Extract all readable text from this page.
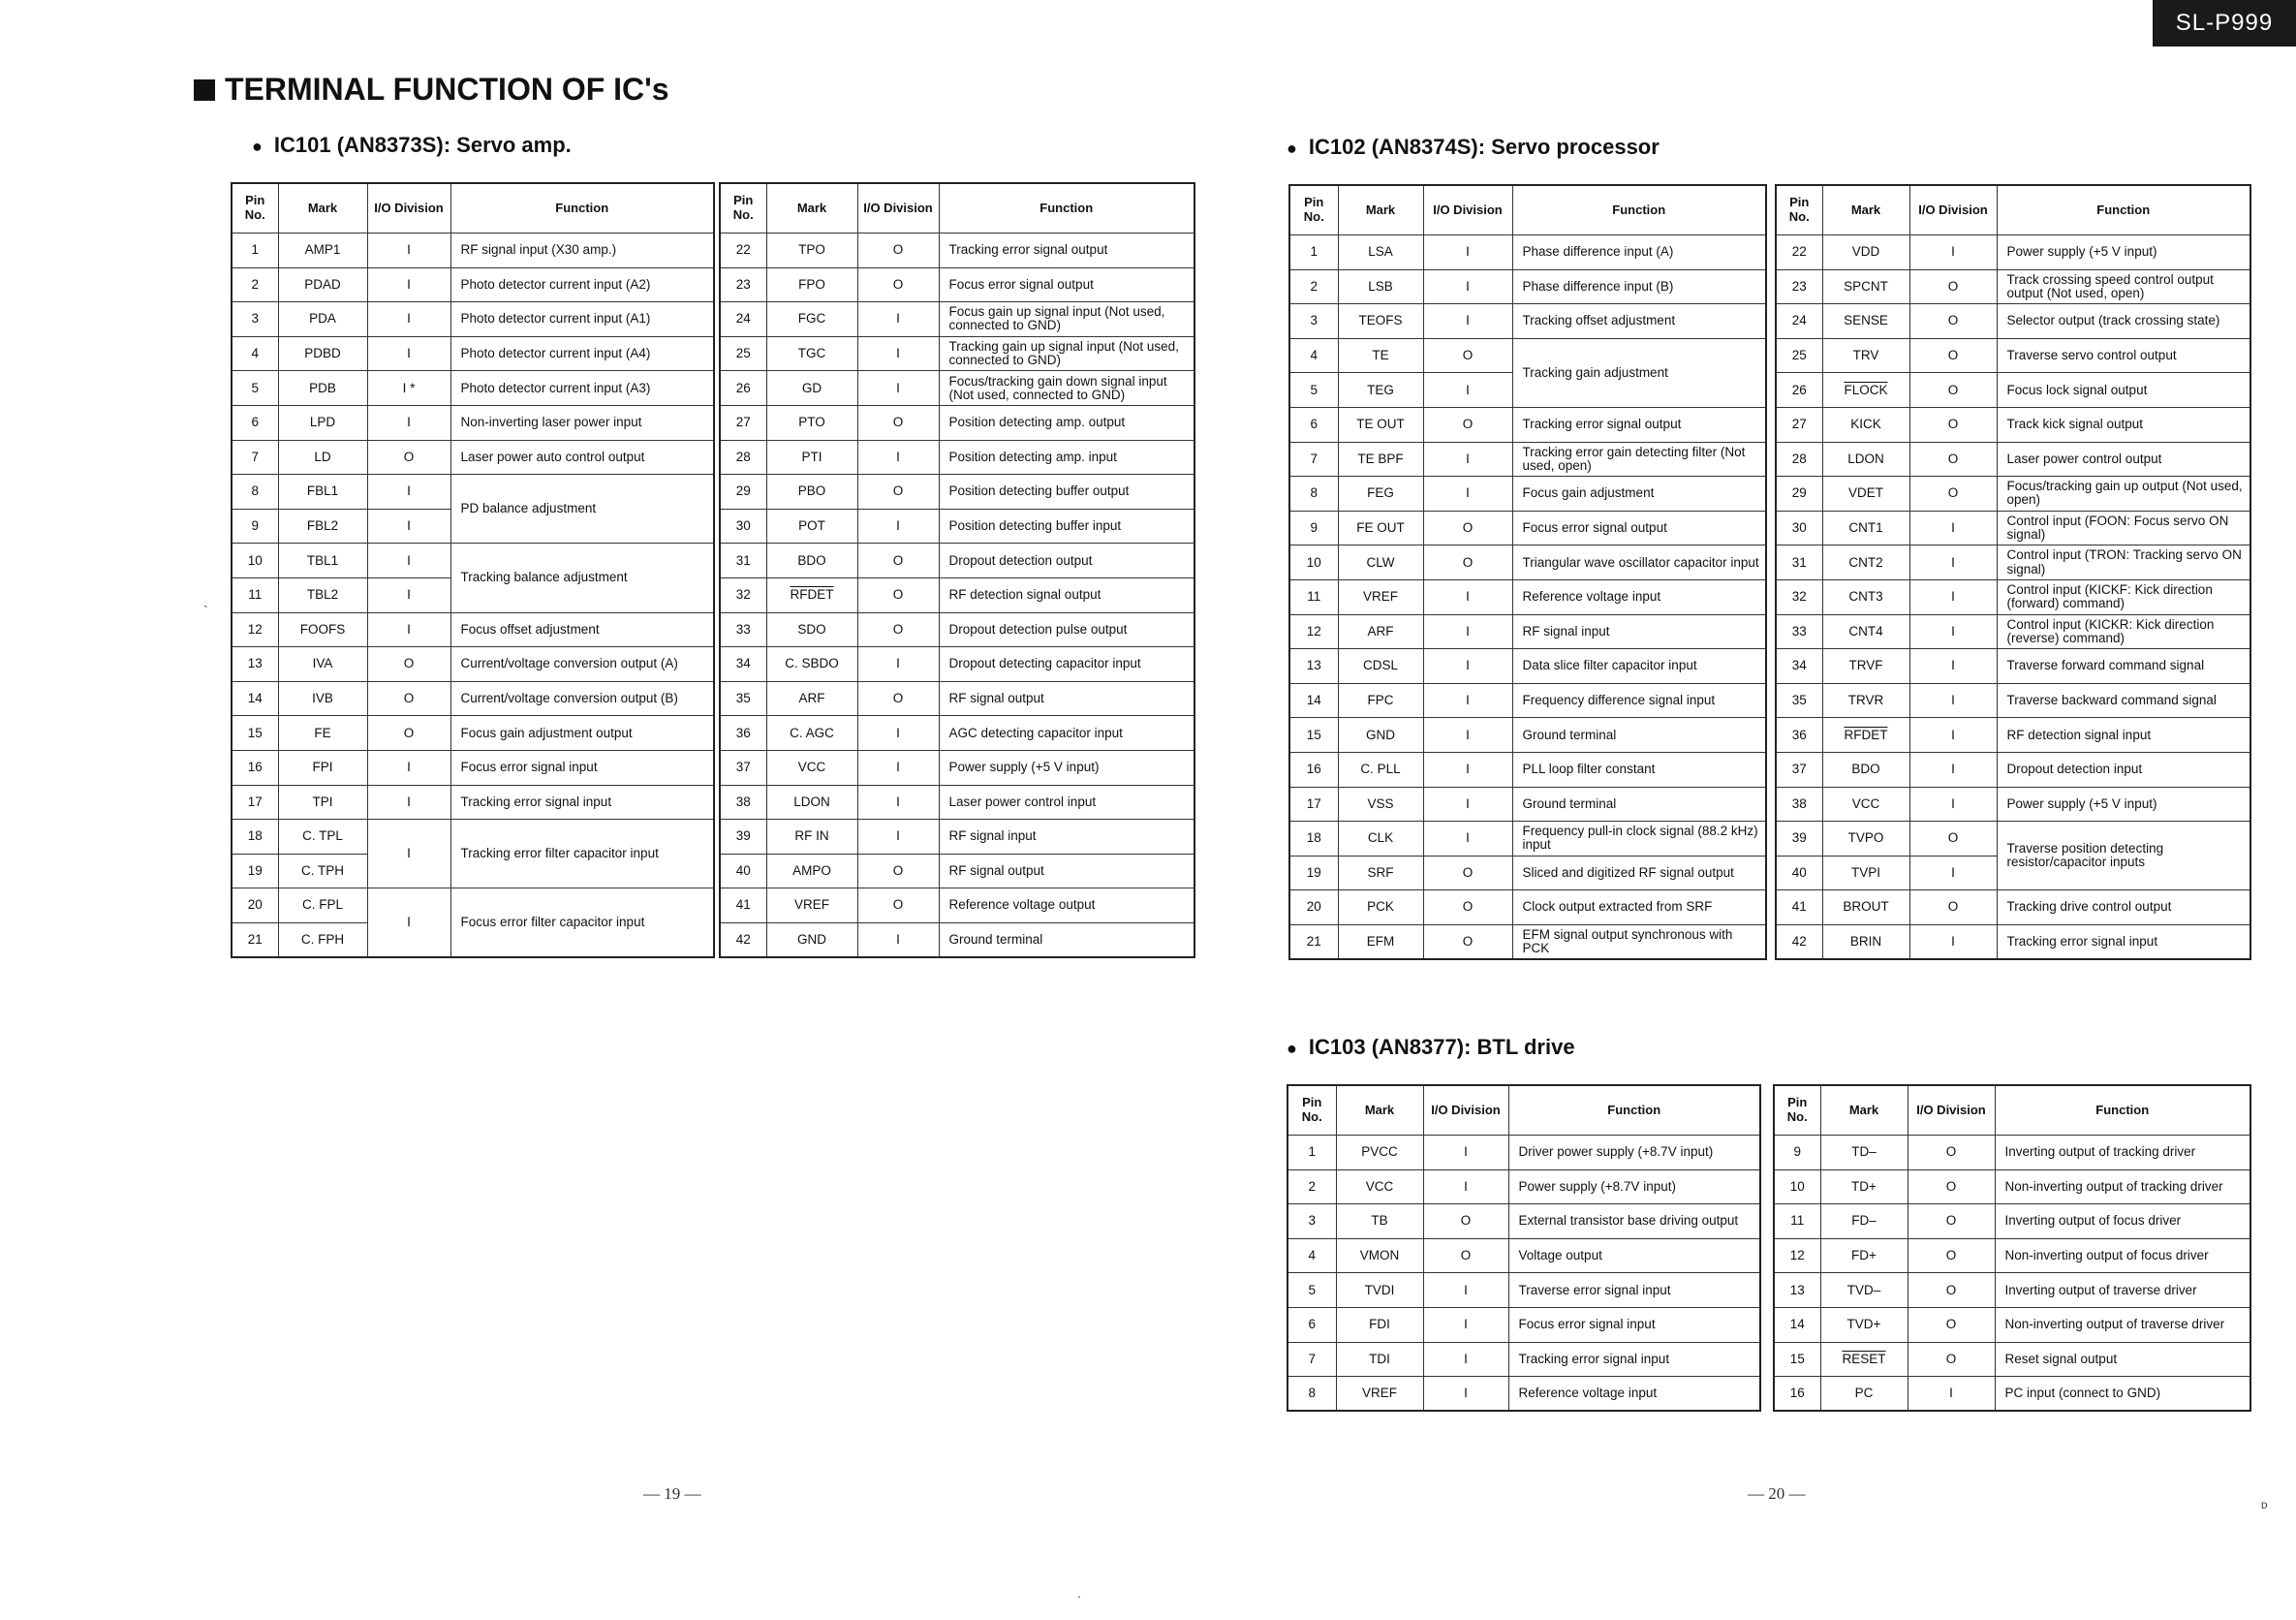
SL-P999
TERMINAL FUNCTION OF IC's
● IC101 (AN8373S): Servo amp.	● IC102 (AN8374S): Servo processor
● IC103 (AN8377): BTL drive
Pin No.	Mark	I/O Division	Function
1	AMP1	I	RF signal input (X30 amp.)
2	PDAD	I	Photo detector current input (A2)
3	PDA	I	Photo detector current input (A1)
4	PDBD	I	Photo detector current input (A4)
5	PDB	I *	Photo detector current input (A3)
6	LPD	I	Non-inverting laser power input
7	LD	O	Laser power auto control output
8	FBL1	I	PD balance adjustment
9	FBL2	I	
10	TBL1	I	Tracking balance adjustment
11	TBL2	I	
12	FOOFS	I	Focus offset adjustment
13	IVA	O	Current/voltage conversion output (A)
14	IVB	O	Current/voltage conversion output (B)
15	FE	O	Focus gain adjustment output
16	FPI	I	Focus error signal input
17	TPI	I	Tracking error signal input
18	C. TPL	I	Tracking error filter capacitor input
19	C. TPH		
20	C. FPL	I	Focus error filter capacitor input
21	C. FPH		
Pin No.	Mark	I/O Division	Function
22	TPO	O	Tracking error signal output
23	FPO	O	Focus error signal output
24	FGC	I	Focus gain up signal input (Not used, connected to GND)
25	TGC	I	Tracking gain up signal input (Not used, connected to GND)
26	GD	I	Focus/tracking gain down signal input (Not used, connected to GND)
27	PTO	O	Position detecting amp. output
28	PTI	I	Position detecting amp. input
29	PBO	O	Position detecting buffer output
30	POT	I	Position detecting buffer input
31	BDO	O	Dropout detection output
32	RFDET	O	RF detection signal output
33	SDO	O	Dropout detection pulse output
34	C. SBDO	I	Dropout detecting capacitor input
35	ARF	O	RF signal output
36	C. AGC	I	AGC detecting capacitor input
37	VCC	I	Power supply (+5 V input)
38	LDON	I	Laser power control input
39	RF IN	I	RF signal input
40	AMPO	O	RF signal output
41	VREF	O	Reference voltage output
42	GND	I	Ground terminal
Pin No.	Mark	I/O Division	Function
1	LSA	I	Phase difference input (A)
2	LSB	I	Phase difference input (B)
3	TEOFS	I	Tracking offset adjustment
4	TE	O	Tracking gain adjustment
5	TEG	I	
6	TE OUT	O	Tracking error signal output
7	TE BPF	I	Tracking error gain detecting filter (Not used, open)
8	FEG	I	Focus gain adjustment
9	FE OUT	O	Focus error signal output
10	CLW	O	Triangular wave oscillator capacitor input
11	VREF	I	Reference voltage input
12	ARF	I	RF signal input
13	CDSL	I	Data slice filter capacitor input
14	FPC	I	Frequency difference signal input
15	GND	I	Ground terminal
16	C. PLL	I	PLL loop filter constant
17	VSS	I	Ground terminal
18	CLK	I	Frequency pull-in clock signal (88.2 kHz) input
19	SRF	O	Sliced and digitized RF signal output
20	PCK	O	Clock output extracted from SRF
21	EFM	O	EFM signal output synchronous with PCK
Pin No.	Mark	I/O Division	Function
22	VDD	I	Power supply (+5 V input)
23	SPCNT	O	Track crossing speed control output output (Not used, open)
24	SENSE	O	Selector output (track crossing state)
25	TRV	O	Traverse servo control output
26	FLOCK	O	Focus lock signal output
27	KICK	O	Track kick signal output
28	LDON	O	Laser power control output
29	VDET	O	Focus/tracking gain up output (Not used, open)
30	CNT1	I	Control input (FOON: Focus servo ON signal)
31	CNT2	I	Control input (TRON: Tracking servo ON signal)
32	CNT3	I	Control input (KICKF: Kick direction (forward) command)
33	CNT4	I	Control input (KICKR: Kick direction (reverse) command)
34	TRVF	I	Traverse forward command signal
35	TRVR	I	Traverse backward command signal
36	RFDET	I	RF detection signal input
37	BDO	I	Dropout detection input
38	VCC	I	Power supply (+5 V input)
39	TVPO	O	Traverse position detecting resistor/capacitor inputs
40	TVPI	I	
41	BROUT	O	Tracking drive control output
42	BRIN	I	Tracking error signal input
Pin No.	Mark	I/O Division	Function
1	PVCC	I	Driver power supply (+8.7V input)
2	VCC	I	Power supply (+8.7V input)
3	TB	O	External transistor base driving output
4	VMON	O	Voltage output
5	TVDI	I	Traverse error signal input
6	FDI	I	Focus error signal input
7	TDI	I	Tracking error signal input
8	VREF	I	Reference voltage input
Pin No.	Mark	I/O Division	Function
9	TD–	O	Inverting output of tracking driver
10	TD+	O	Non-inverting output of tracking driver
11	FD–	O	Inverting output of focus driver
12	FD+	O	Non-inverting output of focus driver
13	TVD–	O	Inverting output of traverse driver
14	TVD+	O	Non-inverting output of traverse driver
15	RESET	O	Reset signal output
16	PC	I	PC input (connect to GND)
— 19 —	— 20 —
`
.
ᴅ
